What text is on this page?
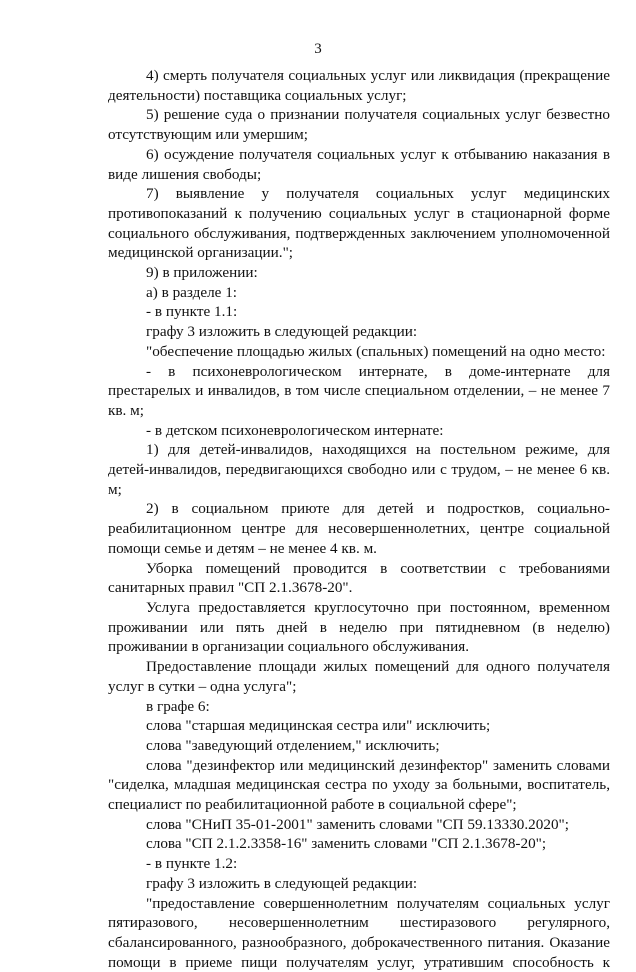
3

4) смерть получателя социальных услуг или ликвидация (прекращение деятельности) поставщика социальных услуг;

5) решение суда о признании получателя социальных услуг безвестно отсутствующим или умершим;

6) осуждение получателя социальных услуг к отбыванию наказания в виде лишения свободы;

7) выявление у получателя социальных услуг медицинских противопоказаний к получению социальных услуг в стационарной форме социального обслуживания, подтвержденных заключением уполномоченной медицинской организации.";

9) в приложении:

а) в разделе 1:

- в пункте 1.1:

графу 3 изложить в следующей редакции:

"обеспечение площадью жилых (спальных) помещений на одно место:

- в психоневрологическом интернате, в доме-интернате для престарелых и инвалидов, в том числе специальном отделении, – не менее 7 кв. м;

- в детском психоневрологическом интернате:

1) для детей-инвалидов, находящихся на постельном режиме, для детей-инвалидов, передвигающихся свободно или с трудом, – не менее 6 кв. м;

2) в социальном приюте для детей и подростков, социально-реабилитационном центре для несовершеннолетних, центре социальной помощи семье и детям – не менее 4 кв. м.

Уборка помещений проводится в соответствии с требованиями санитарных правил "СП 2.1.3678-20".

Услуга предоставляется круглосуточно при постоянном, временном проживании или пять дней в неделю при пятидневном (в неделю) проживании в организации социального обслуживания.

Предоставление площади жилых помещений для одного получателя услуг в сутки – одна услуга";

в графе 6:

слова "старшая медицинская сестра или" исключить;

слова "заведующий отделением," исключить;

слова "дезинфектор или медицинский дезинфектор" заменить словами "сиделка, младшая медицинская сестра по уходу за больными, воспитатель, специалист по реабилитационной работе в социальной сфере";

слова "СНиП 35-01-2001" заменить словами "СП 59.13330.2020";

слова "СП 2.1.2.3358-16" заменить словами "СП 2.1.3678-20";

- в пункте 1.2:

графу 3 изложить в следующей редакции:

"предоставление совершеннолетним получателям социальных услуг пятиразового, несовершеннолетним шестиразового регулярного, сбалансированного, разнообразного, доброкачественного питания. Оказание помощи в приеме пищи получателям услуг, утратившим способность к
